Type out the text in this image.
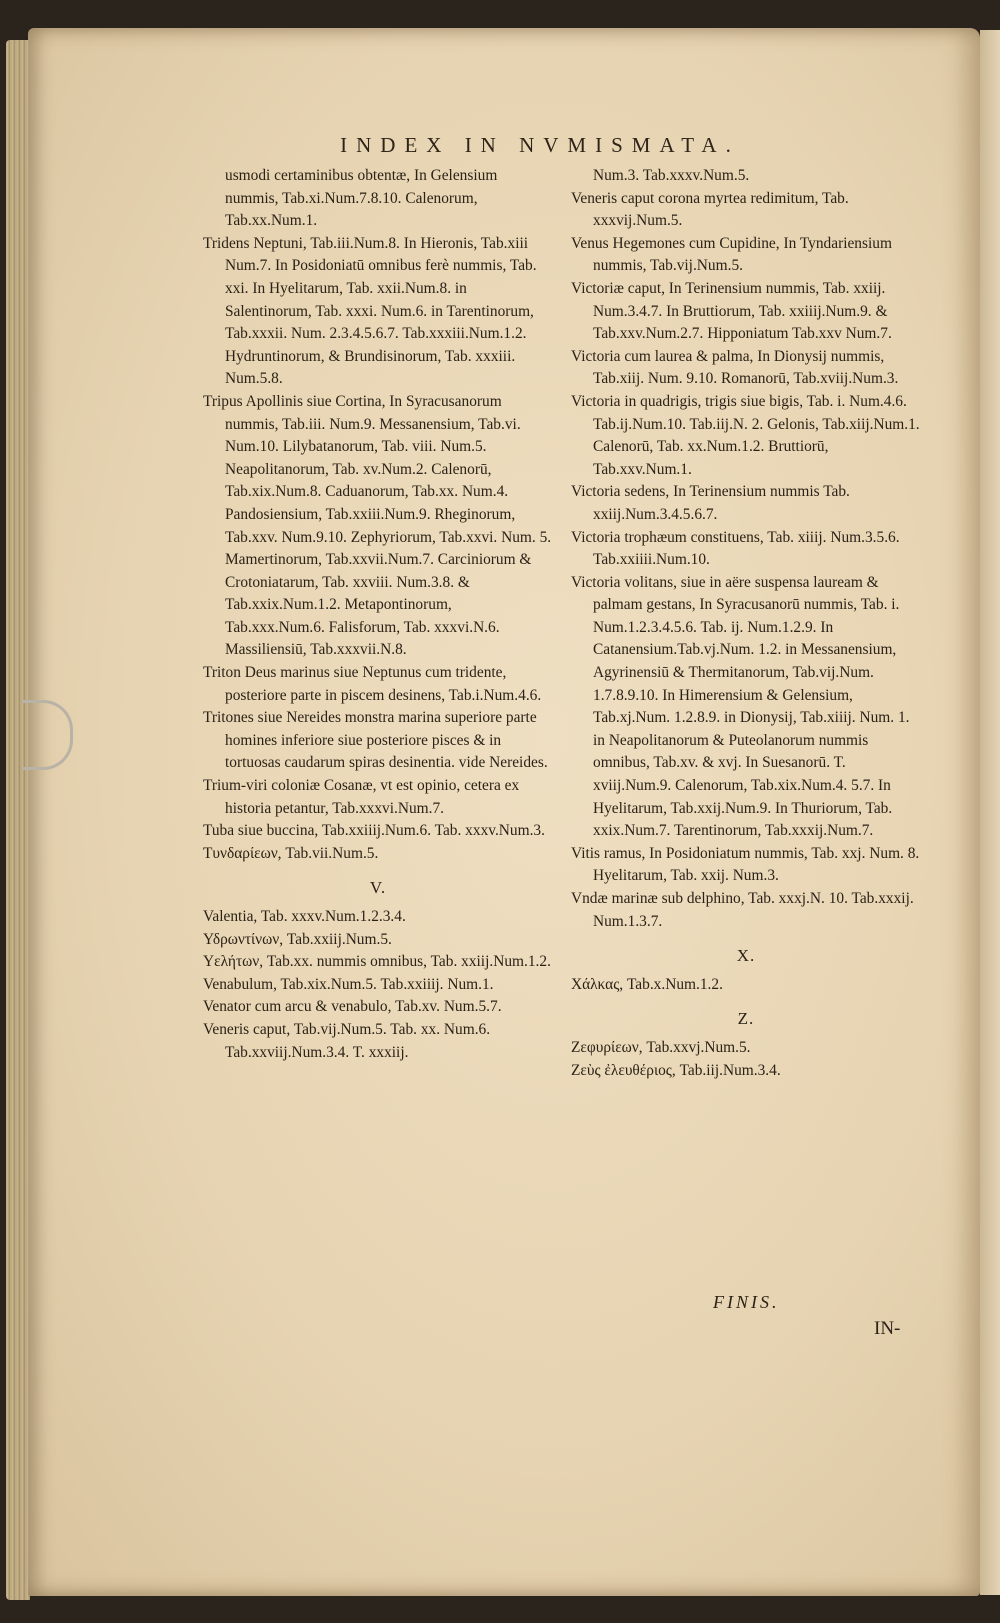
INDEX IN NVMISMATA.
usmodi certaminibus obtentæ, In Gelensium nummis, Tab.xi.Num.7.8.10. Calenorum, Tab.xx.Num.1.
Tridens Neptuni, Tab.iii.Num.8. In Hieronis, Tab.xiii Num.7. In Posidoniatū omnibus ferè nummis, Tab. xxi. In Hyelitarum, Tab. xxii.Num.8. in Salentinorum, Tab. xxxi. Num.6. in Tarentinorum, Tab.xxxii. Num. 2.3.4.5.6.7. Tab.xxxiii.Num.1.2. Hydruntinorum, & Brundisinorum, Tab. xxxiii. Num.5.8.
Tripus Apollinis siue Cortina, In Syracusanorum nummis, Tab.iii. Num.9. Messanensium, Tab.vi. Num.10. Lilybatanorum, Tab. viii. Num.5. Neapolitanorum, Tab. xv.Num.2. Calenorū, Tab.xix.Num.8. Caduanorum, Tab.xx. Num.4. Pandosiensium, Tab.xxiii.Num.9. Rheginorum, Tab.xxv. Num.9.10. Zephyriorum, Tab.xxvi. Num. 5. Mamertinorum, Tab.xxvii.Num.7. Carciniorum & Crotoniatarum, Tab. xxviii. Num.3.8. & Tab.xxix.Num.1.2. Metapontinorum, Tab.xxx.Num.6. Falisforum, Tab. xxxvi.N.6. Massiliensiū, Tab.xxxvii.N.8.
Triton Deus marinus siue Neptunus cum tridente, posteriore parte in piscem desinens, Tab.i.Num.4.6.
Tritones siue Nereides monstra marina superiore parte homines inferiore siue posteriore pisces & in tortuosas caudarum spiras desinentia. vide Nereides.
Trium-viri coloniæ Cosanæ, vt est opinio, cetera ex historia petantur, Tab.xxxvi.Num.7.
Tuba siue buccina, Tab.xxiiij.Num.6. Tab. xxxv.Num.3.
Τυνδαρίεων, Tab.vii.Num.5.
V.
Valentia, Tab. xxxv.Num.1.2.3.4.
Υδρωντίνων, Tab.xxiij.Num.5.
Υελήτων, Tab.xx. nummis omnibus, Tab. xxiij.Num.1.2.
Venabulum, Tab.xix.Num.5. Tab.xxiiij. Num.1.
Venator cum arcu & venabulo, Tab.xv. Num.5.7.
Veneris caput, Tab.vij.Num.5. Tab. xx. Num.6. Tab.xxviij.Num.3.4. T. xxxiij.
Num.3. Tab.xxxv.Num.5.
Veneris caput corona myrtea redimitum, Tab. xxxvij.Num.5.
Venus Hegemones cum Cupidine, In Tyndariensium nummis, Tab.vij.Num.5.
Victoriæ caput, In Terinensium nummis, Tab. xxiij. Num.3.4.7. In Bruttiorum, Tab. xxiiij.Num.9. & Tab.xxv.Num.2.7. Hipponiatum Tab.xxv Num.7.
Victoria cum laurea & palma, In Dionysij nummis, Tab.xiij. Num. 9.10. Romanorū, Tab.xviij.Num.3.
Victoria in quadrigis, trigis siue bigis, Tab. i. Num.4.6. Tab.ij.Num.10. Tab.iij.N. 2. Gelonis, Tab.xiij.Num.1. Calenorū, Tab. xx.Num.1.2. Bruttiorū, Tab.xxv.Num.1.
Victoria sedens, In Terinensium nummis Tab. xxiij.Num.3.4.5.6.7.
Victoria trophæum constituens, Tab. xiiij. Num.3.5.6. Tab.xxiiii.Num.10.
Victoria volitans, siue in aëre suspensa lauream & palmam gestans, In Syracusanorū nummis, Tab. i. Num.1.2.3.4.5.6. Tab. ij. Num.1.2.9. In Catanensium.Tab.vj.Num. 1.2. in Messanensium, Agyrinensiū & Thermitanorum, Tab.vij.Num. 1.7.8.9.10. In Himerensium & Gelensium, Tab.xj.Num. 1.2.8.9. in Dionysij, Tab.xiiij. Num. 1. in Neapolitanorum & Puteolanorum nummis omnibus, Tab.xv. & xvj. In Suesanorū. T. xviij.Num.9. Calenorum, Tab.xix.Num.4. 5.7. In Hyelitarum, Tab.xxij.Num.9. In Thuriorum, Tab. xxix.Num.7. Tarentinorum, Tab.xxxij.Num.7.
Vitis ramus, In Posidoniatum nummis, Tab. xxj. Num. 8. Hyelitarum, Tab. xxij. Num.3.
Vndæ marinæ sub delphino, Tab. xxxj.N. 10. Tab.xxxij. Num.1.3.7.
X.
Χάλκας, Tab.x.Num.1.2.
Z.
Ζεφυρίεων, Tab.xxvj.Num.5.
Ζεὺς ἐλευθέριος, Tab.iij.Num.3.4.
FINIS.
IN-
